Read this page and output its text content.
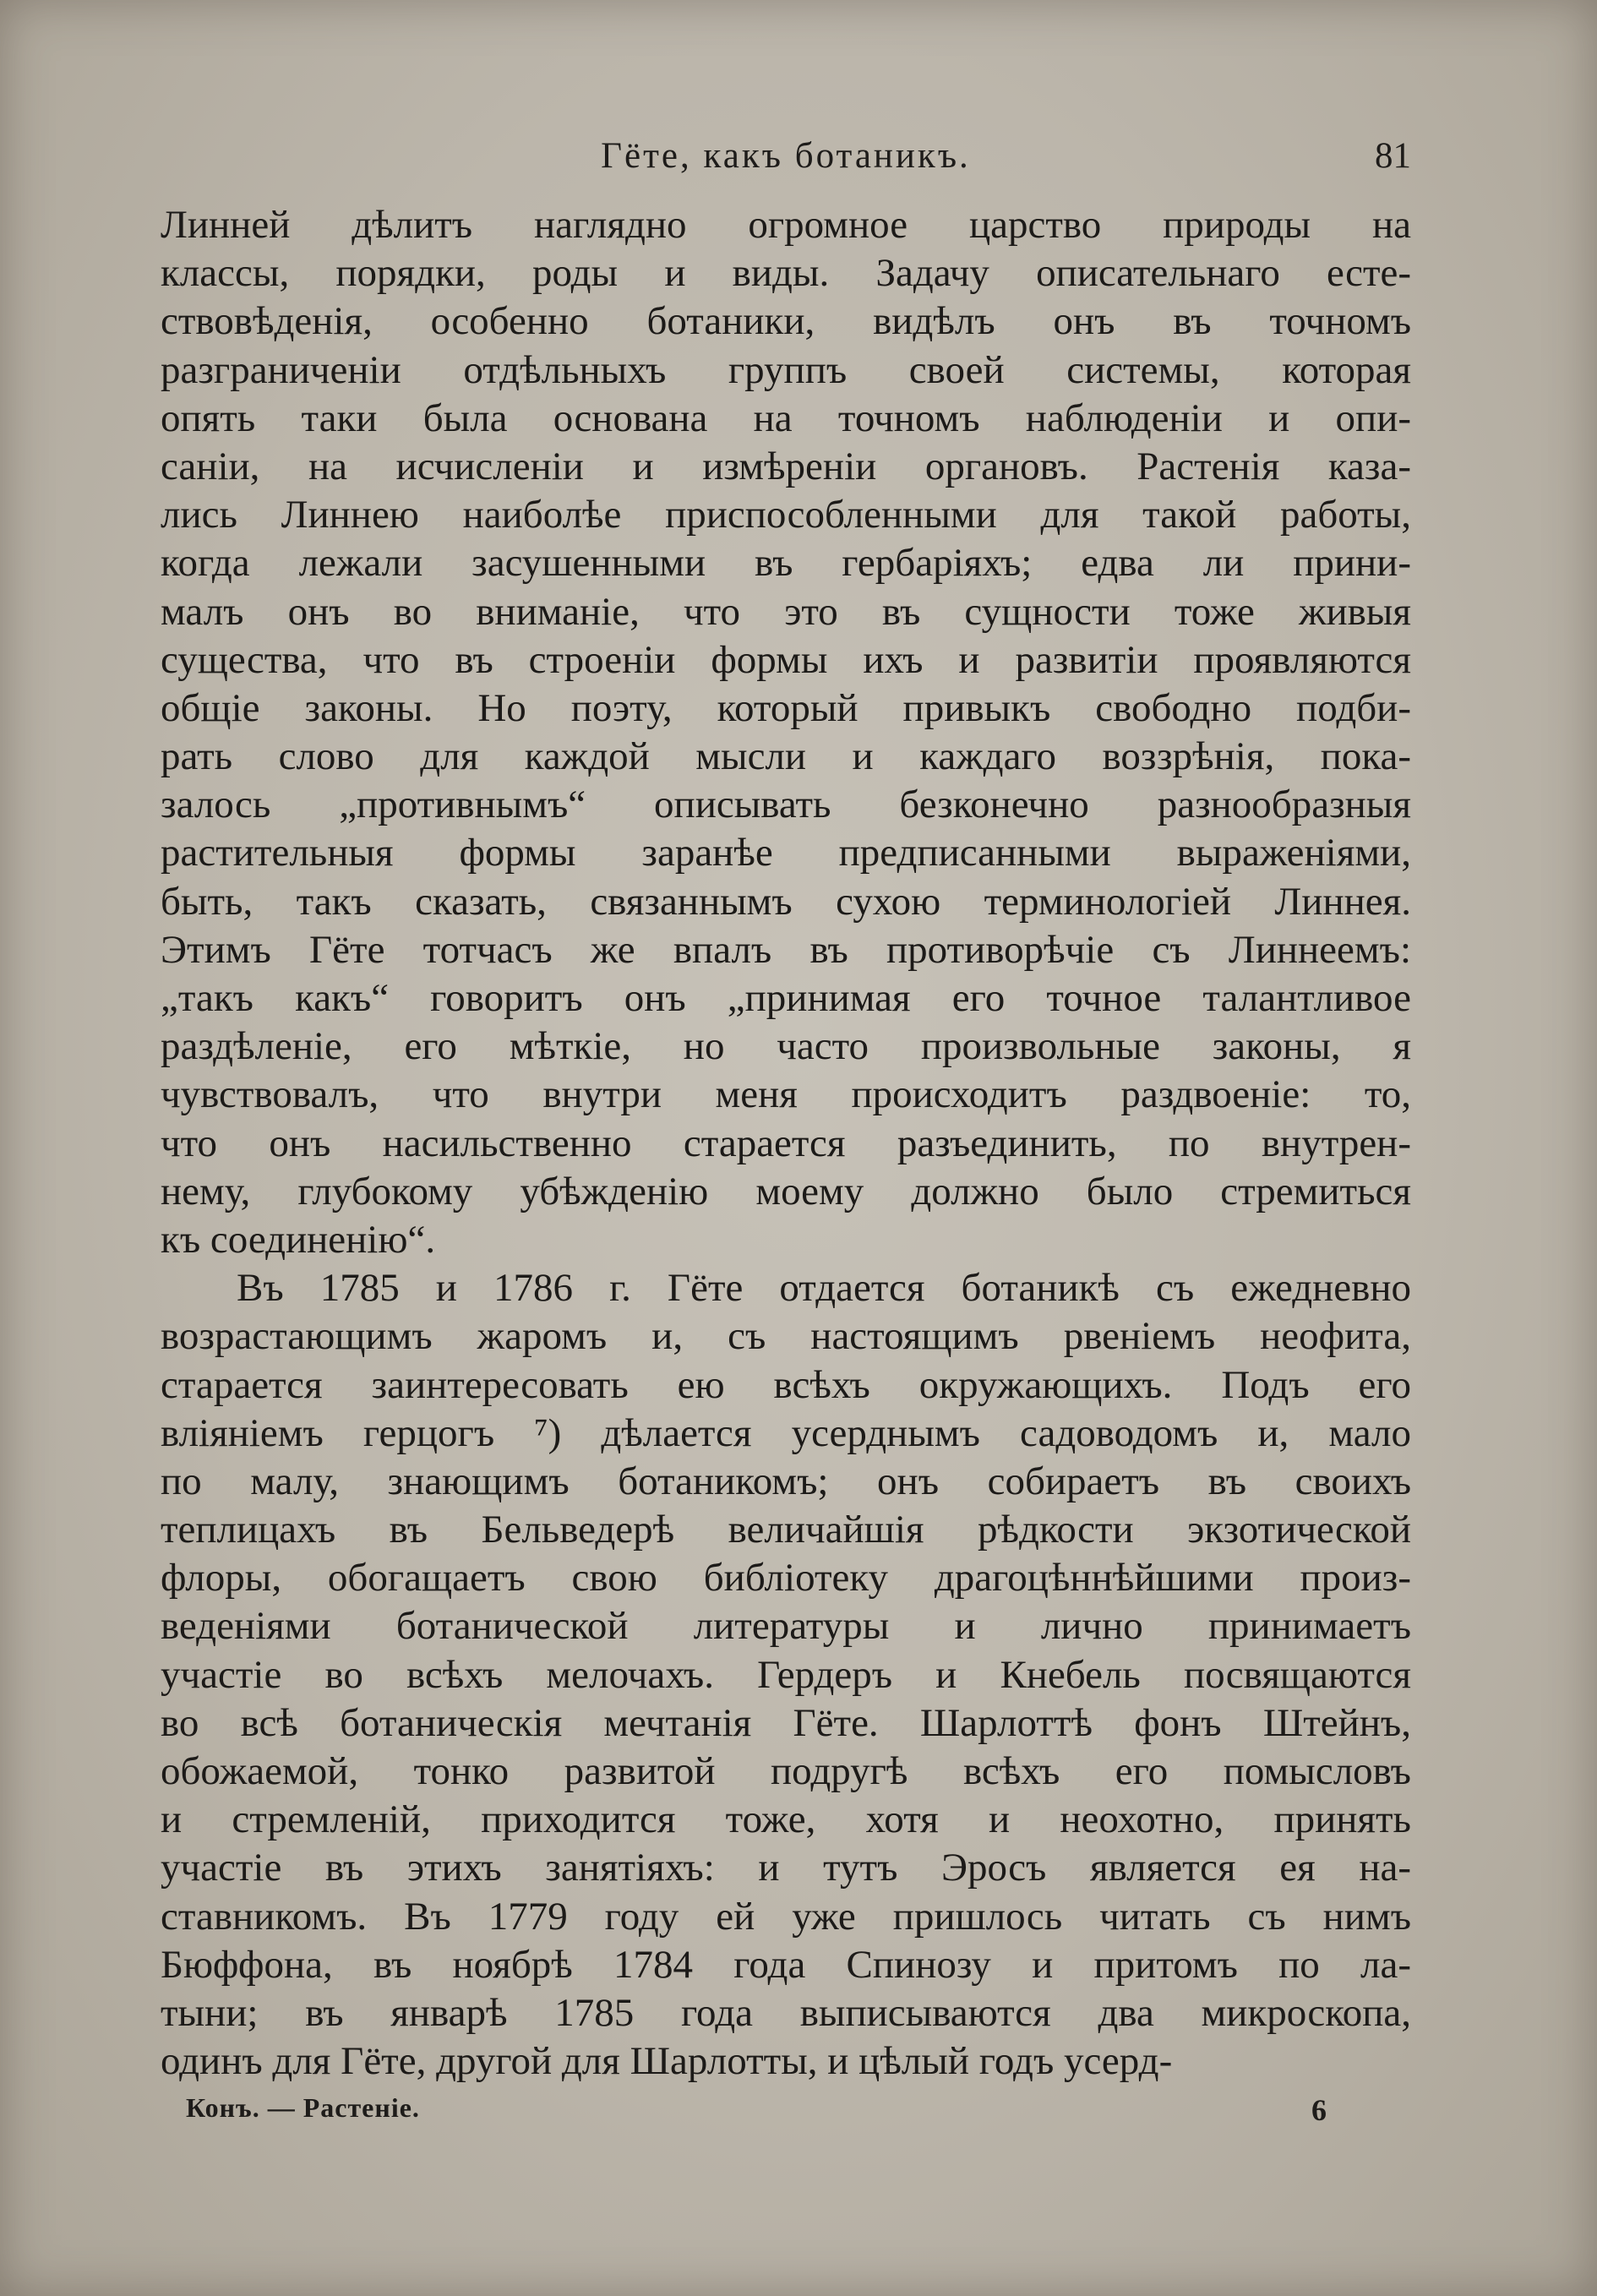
Гёте, какъ ботаникъ.	81
Линней дѣлитъ наглядно огромное царство природы на
классы, порядки, роды и виды. Задачу описательнаго есте-
ствовѣденія, особенно ботаники, видѣлъ онъ въ точномъ
разграниченіи отдѣльныхъ группъ своей системы, которая
опять таки была основана на точномъ наблюденіи и опи-
саніи, на исчисленіи и измѣреніи органовъ. Растенія каза-
лись Линнею наиболѣе приспособленными для такой работы,
когда лежали засушенными въ гербаріяхъ; едва ли прини-
малъ онъ во вниманіе, что это въ сущности тоже живыя
существа, что въ строеніи формы ихъ и развитіи проявляются
общіе законы. Но поэту, который привыкъ свободно подби-
рать слово для каждой мысли и каждаго воззрѣнія, пока-
залось „противнымъ“ описывать безконечно разнообразныя
растительныя формы заранѣе предписанными выраженіями,
быть, такъ сказать, связаннымъ сухою терминологіей Линнея.
Этимъ Гёте тотчасъ же впалъ въ противорѣчіе съ Линнеемъ:
„такъ какъ“ говоритъ онъ „принимая его точное талантливое
раздѣленіе, его мѣткіе, но часто произвольные законы, я
чувствовалъ, что внутри меня происходитъ раздвоеніе: то,
что онъ насильственно старается разъединить, по внутрен-
нему, глубокому убѣжденію моему должно было стремиться
къ соединенію“.
Въ 1785 и 1786 г. Гёте отдается ботаникѣ съ ежедневно
возрастающимъ жаромъ и, съ настоящимъ рвеніемъ неофита,
старается заинтересовать ею всѣхъ окружающихъ. Подъ его
вліяніемъ герцогъ ⁷) дѣлается усерднымъ садоводомъ и, мало
по малу, знающимъ ботаникомъ; онъ собираетъ въ своихъ
теплицахъ въ Бельведерѣ величайшія рѣдкости экзотической
флоры, обогащаетъ свою библіотеку драгоцѣннѣйшими произ-
веденіями ботанической литературы и лично принимаетъ
участіе во всѣхъ мелочахъ. Гердеръ и Кнебель посвящаются
во всѣ ботаническія мечтанія Гёте. Шарлоттѣ фонъ Штейнъ,
обожаемой, тонко развитой подругѣ всѣхъ его помысловъ
и стремленій, приходится тоже, хотя и неохотно, принять
участіе въ этихъ занятіяхъ: и тутъ Эросъ является ея на-
ставникомъ. Въ 1779 году ей уже пришлось читать съ нимъ
Бюффона, въ ноябрѣ 1784 года Спинозу и притомъ по ла-
тыни; въ январѣ 1785 года выписываются два микроскопа,
одинъ для Гёте, другой для Шарлотты, и цѣлый годъ усерд-
Конъ. — Растеніе.	6
